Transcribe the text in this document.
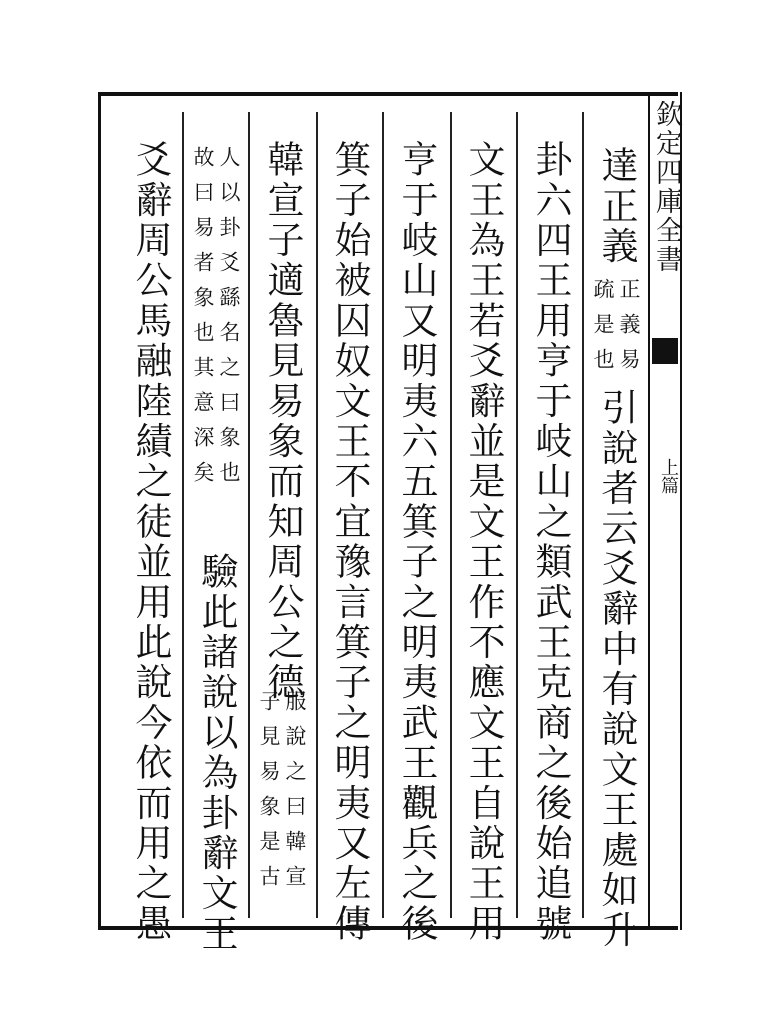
欽定四庫全書
上篇
達正義
正義易
疏是也
引說者云爻辭中有說文王處如升
卦六四王用亨于岐山之類武王克商之後始追號
文王為王若爻辭並是文王作不應文王自說王用
亨于岐山又明夷六五箕子之明夷武王觀兵之後
箕子始被囚奴文王不宜豫言箕子之明夷又左傳
韓宣子適魯見易象而知周公之德
服說之曰韓宣
子見易象是古
人以卦爻繇名之曰象也
故曰易者象也其意深矣
驗此諸說以為卦辭文王
爻辭周公馬融陸績之徒並用此說今依而用之愚
